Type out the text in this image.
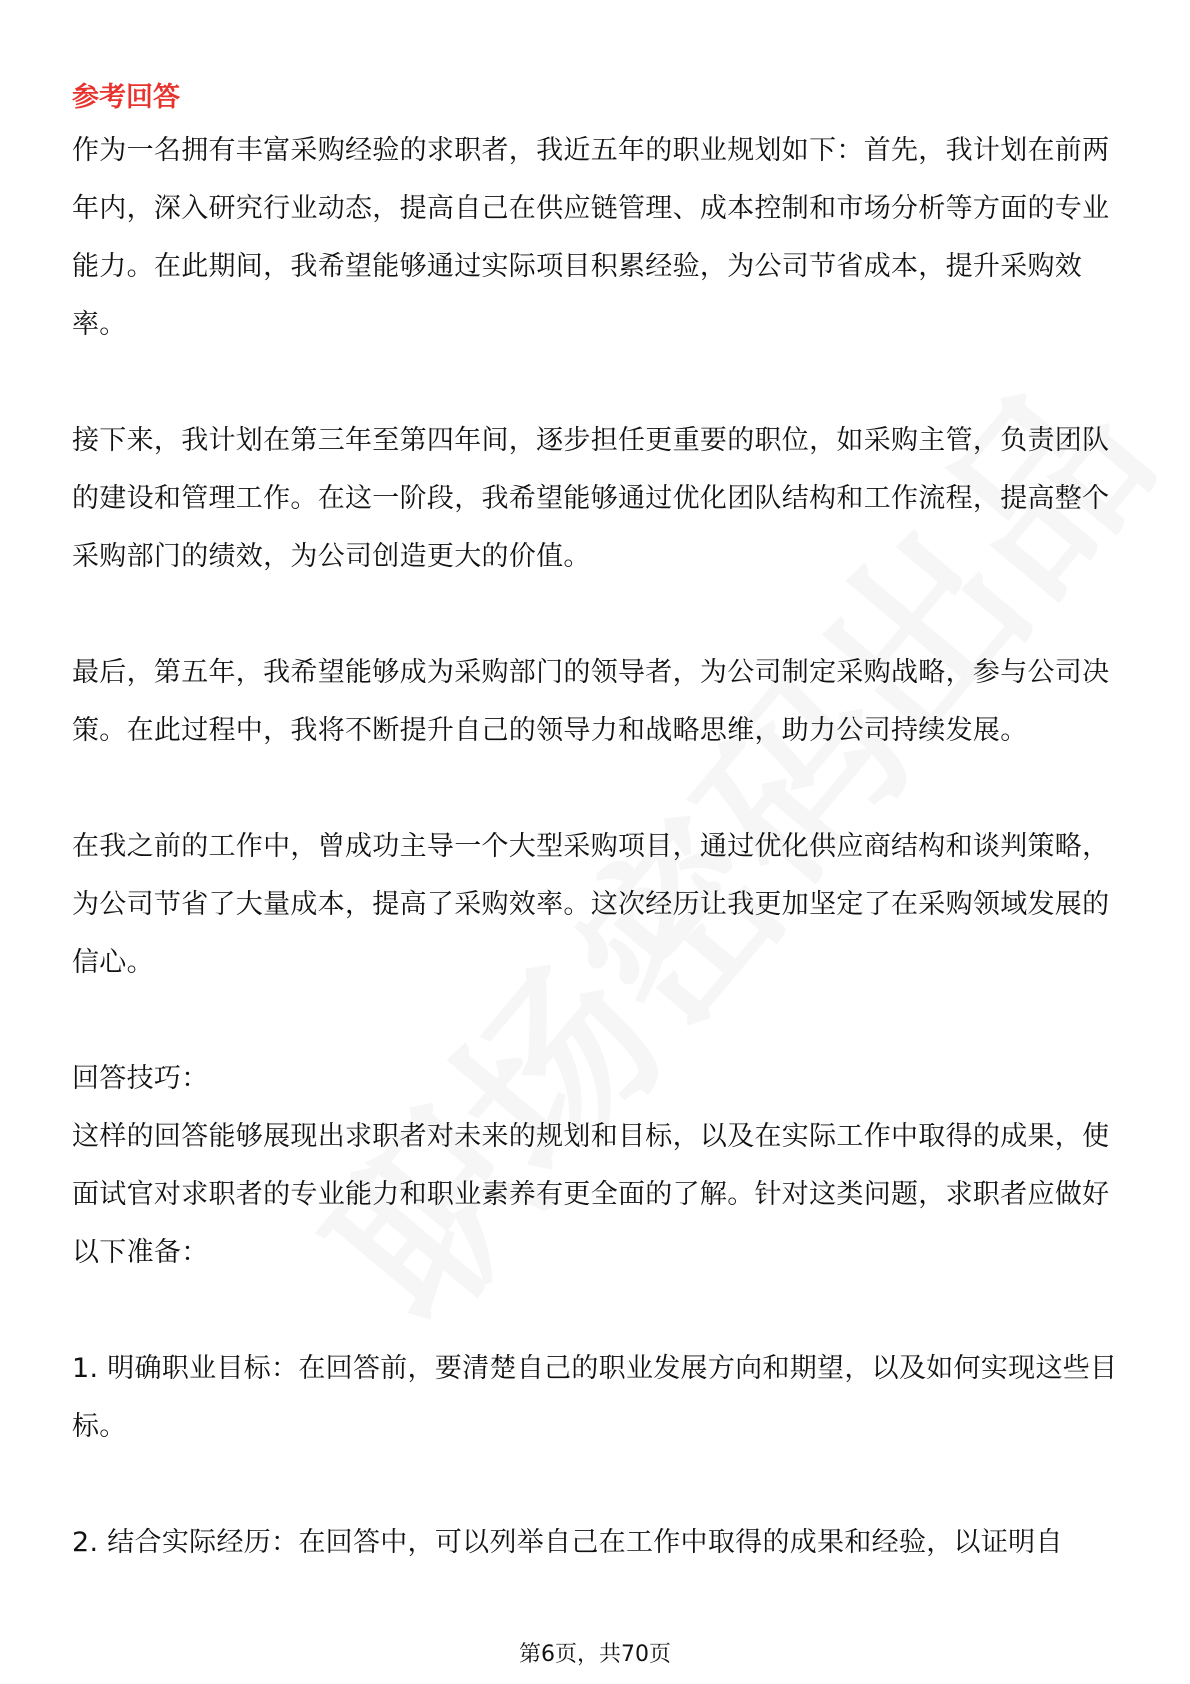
参考回答

作为一名拥有丰富采购经验的求职者，我近五年的职业规划如下：首先，我计划在前两年内，深入研究行业动态，提高自己在供应链管理、成本控制和市场分析等方面的专业能力。在此期间，我希望能够通过实际项目积累经验，为公司节省成本，提升采购效率。

接下来，我计划在第三年至第四年间，逐步担任更重要的职位，如采购主管，负责团队的建设和管理工作。在这一阶段，我希望能够通过优化团队结构和工作流程，提高整个采购部门的绩效，为公司创造更大的价值。

最后，第五年，我希望能够成为采购部门的领导者，为公司制定采购战略，参与公司决策。在此过程中，我将不断提升自己的领导力和战略思维，助力公司持续发展。

在我之前的工作中，曾成功主导一个大型采购项目，通过优化供应商结构和谈判策略，为公司节省了大量成本，提高了采购效率。这次经历让我更加坚定了在采购领域发展的信心。

回答技巧：

这样的回答能够展现出求职者对未来的规划和目标，以及在实际工作中取得的成果，使面试官对求职者的专业能力和职业素养有更全面的了解。针对这类问题，求职者应做好以下准备：

1. 明确职业目标：在回答前，要清楚自己的职业发展方向和期望，以及如何实现这些目标。

2. 结合实际经历：在回答中，可以列举自己在工作中取得的成果和经验，以证明自

第6页，共70页
